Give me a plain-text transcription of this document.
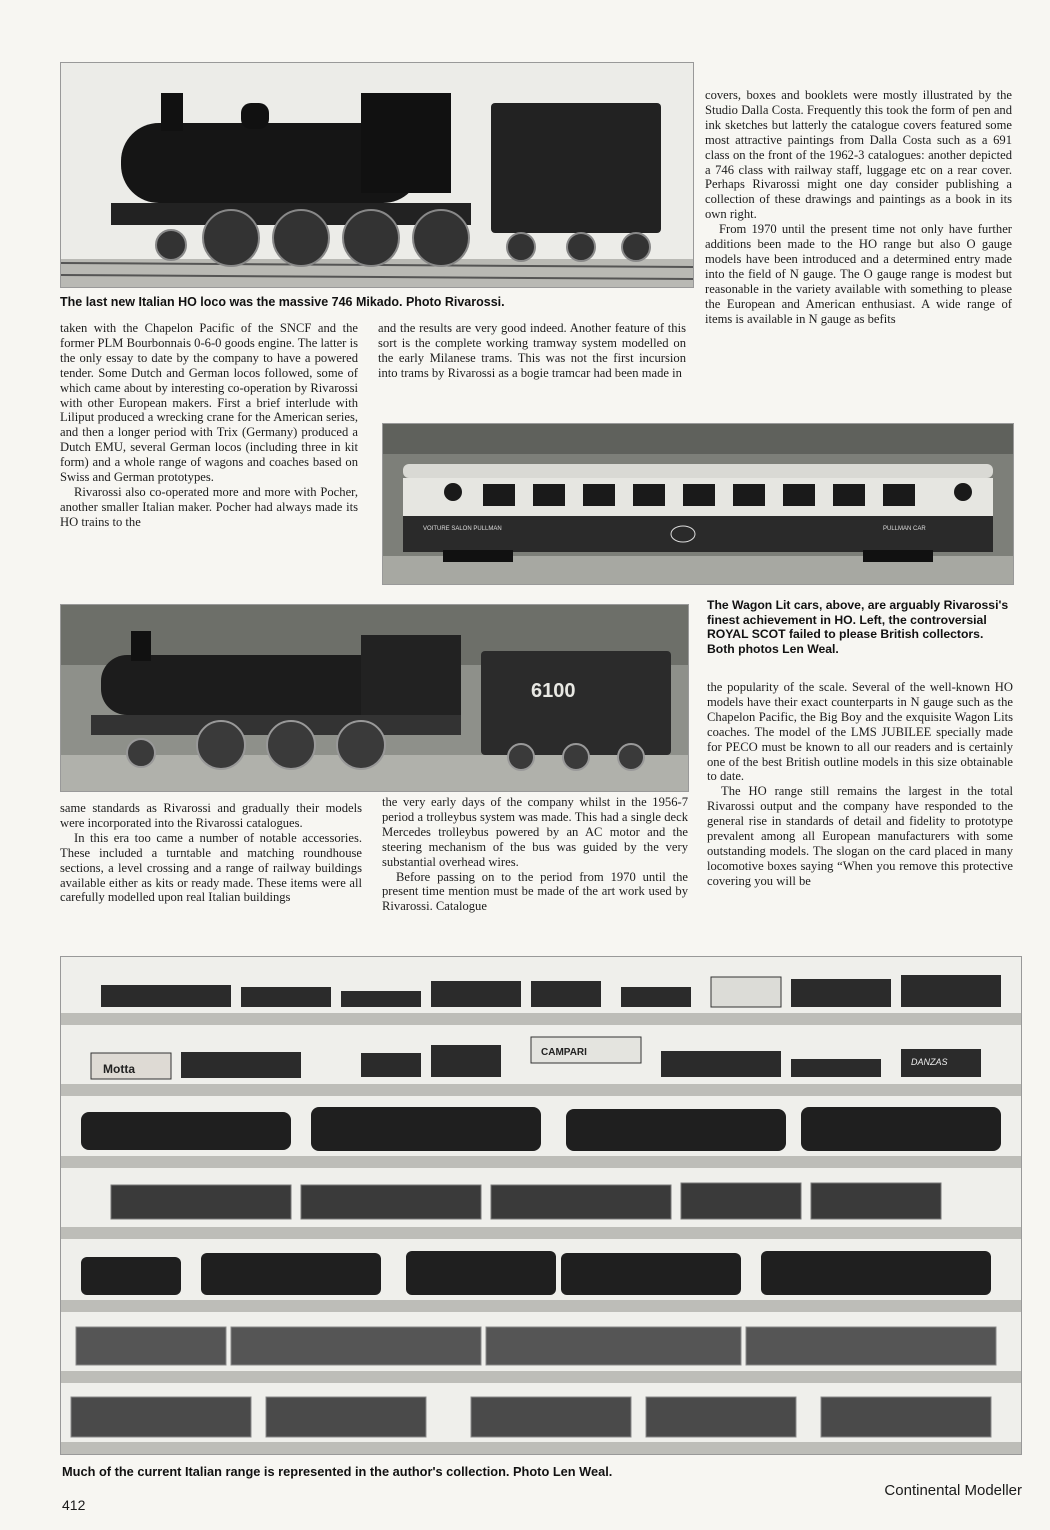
The last new Italian HO loco was the massive 746 Mikado. Photo Rivarossi.

covers, boxes and booklets were mostly illustrated by the Studio Dalla Costa. Frequently this took the form of pen and ink sketches but latterly the catalogue covers featured some most attractive paintings from Dalla Costa such as a 691 class on the front of the 1962-3 catalogues: another depicted a 746 class with railway staff, luggage etc on a rear cover. Perhaps Rivarossi might one day consider publishing a collection of these drawings and paintings as a book in its own right.

From 1970 until the present time not only have further additions been made to the HO range but also O gauge models have been introduced and a determined entry made into the field of N gauge. The O gauge range is modest but reasonable in the variety available with something to please the European and American enthusiast. A wide range of items is available in N gauge as befits

taken with the Chapelon Pacific of the SNCF and the former PLM Bourbonnais 0-6-0 goods engine. The latter is the only essay to date by the company to have a powered tender. Some Dutch and German locos followed, some of which came about by interesting co-operation by Rivarossi with other European makers. First a brief interlude with Liliput produced a wrecking crane for the American series, and then a longer period with Trix (Germany) produced a Dutch EMU, several German locos (including three in kit form) and a whole range of wagons and coaches based on Swiss and German prototypes.

Rivarossi also co-operated more and more with Pocher, another smaller Italian maker. Pocher had always made its HO trains to the

and the results are very good indeed. Another feature of this sort is the complete working tramway system modelled on the early Milanese trams. This was not the first incursion into trams by Rivarossi as a bogie tramcar had been made in

VOITURE SALON PULLMAN	PULLMAN CAR
6100
The Wagon Lit cars, above, are arguably Rivarossi's finest achievement in HO. Left, the controversial ROYAL SCOT failed to please British collectors. Both photos Len Weal.

the popularity of the scale. Several of the well-known HO models have their exact counterparts in N gauge such as the Chapelon Pacific, the Big Boy and the exquisite Wagon Lits coaches. The model of the LMS JUBILEE specially made for PECO must be known to all our readers and is certainly one of the best British outline models in this size obtainable to date.

The HO range still remains the largest in the total Rivarossi output and the company have responded to the general rise in standards of detail and fidelity to prototype prevalent among all European manufacturers with some outstanding models. The slogan on the card placed in many locomotive boxes saying “When you remove this protective covering you will be

same standards as Rivarossi and gradually their models were incorporated into the Rivarossi catalogues.

In this era too came a number of notable accessories. These included a turntable and matching roundhouse sections, a level crossing and a range of railway buildings available either as kits or ready made. These items were all carefully modelled upon real Italian buildings

the very early days of the company whilst in the 1956-7 period a trolleybus system was made. This had a single deck Mercedes trolleybus powered by an AC motor and the steering mechanism of the bus was guided by the very substantial overhead wires.

Before passing on to the period from 1970 until the present time mention must be made of the art work used by Rivarossi. Catalogue

Motta
CAMPARI
DANZAS
Much of the current Italian range is represented in the author's collection. Photo Len Weal.
412
Continental Modeller
